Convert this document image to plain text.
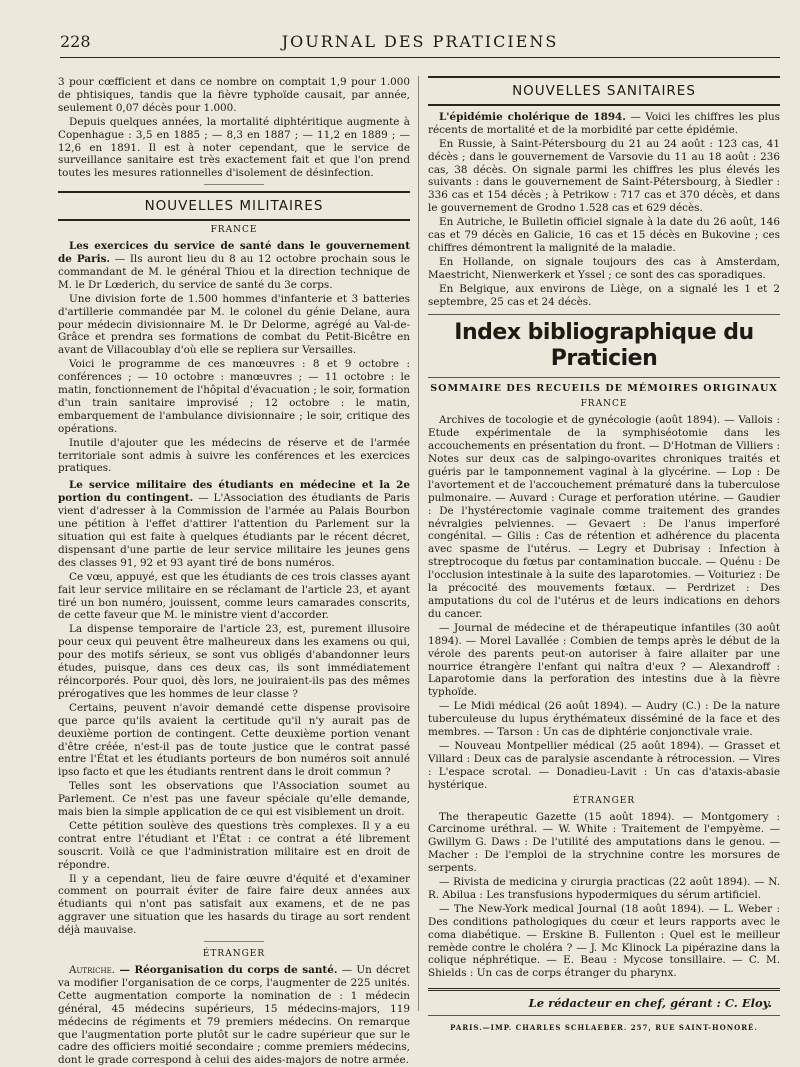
228	JOURNAL DES PRATICIENS

3 pour cœfficient et dans ce nombre on comptait 1,9 pour 1.000 de phtisiques, tandis que la fièvre typhoïde causait, par année, seulement 0,07 décès pour 1.000.

Depuis quelques années, la mortalité diphtéritique augmente à Copenhague : 3,5 en 1885 ; — 8,3 en 1887 ; — 11,2 en 1889 ; — 12,6 en 1891. Il est à noter cependant, que le service de surveillance sanitaire est très exactement fait et que l'on prend toutes les mesures rationnelles d'isolement de désinfection.

NOUVELLES MILITAIRES
FRANCE

Les exercices du service de santé dans le gouvernement de Paris. — Ils auront lieu du 8 au 12 octobre prochain sous le commandant de M. le général Thiou et la direction technique de M. le Dr Lœderich, du service de santé du 3e corps.

Une division forte de 1.500 hommes d'infanterie et 3 batteries d'artillerie commandée par M. le colonel du génie Delane, aura pour médecin divisionnaire M. le Dr Delorme, agrégé au Val-de-Grâce et prendra ses formations de combat du Petit-Bicêtre en avant de Villacoublay d'où elle se repliera sur Versailles.

Voici le programme de ces manœuvres : 8 et 9 octobre : conférences ; — 10 octobre : manœuvres ; — 11 octobre : le matin, fonctionnement de l'hôpital d'évacuation ; le soir, formation d'un train sanitaire improvisé ; 12 octobre : le matin, embarquement de l'ambulance divisionnaire ; le soir, critique des opérations.

Inutile d'ajouter que les médecins de réserve et de l'armée territoriale sont admis à suivre les conférences et les exercices pratiques.

Le service militaire des étudiants en médecine et la 2e portion du contingent. — L'Association des étudiants de Paris vient d'adresser à la Commission de l'armée au Palais Bourbon une pétition à l'effet d'attirer l'attention du Parlement sur la situation qui est faite à quelques étudiants par le récent décret, dispensant d'une partie de leur service militaire les jeunes gens des classes 91, 92 et 93 ayant tiré de bons numéros.

Ce vœu, appuyé, est que les étudiants de ces trois classes ayant fait leur service militaire en se réclamant de l'article 23, et ayant tiré un bon numéro, jouissent, comme leurs camarades conscrits, de cette faveur que M. le ministre vient d'accorder.

La dispense temporaire de l'article 23, est, purement illusoire pour ceux qui peuvent être malheureux dans les examens ou qui, pour des motifs sérieux, se sont vus obligés d'abandonner leurs études, puisque, dans ces deux cas, ils sont immédiatement réincorporés. Pour quoi, dès lors, ne jouiraient-ils pas des mêmes prérogatives que les hommes de leur classe ?

Certains, peuvent n'avoir demandé cette dispense provisoire que parce qu'ils avaient la certitude qu'il n'y aurait pas de deuxième portion de contingent. Cette deuxième portion venant d'être créée, n'est-il pas de toute justice que le contrat passé entre l'État et les étudiants porteurs de bon numéros soit annulé ipso facto et que les étudiants rentrent dans le droit commun ?

Telles sont les observations que l'Association soumet au Parlement. Ce n'est pas une faveur spéciale qu'elle demande, mais bien la simple application de ce qui est visiblement un droit.

Cette pétition soulève des questions très complexes. Il y a eu contrat entre l'étudiant et l'État : ce contrat a été librement souscrit. Voilà ce que l'administration militaire est en droit de répondre.

Il y a cependant, lieu de faire œuvre d'équité et d'examiner comment on pourrait éviter de faire faire deux années aux étudiants qui n'ont pas satisfait aux examens, et de ne pas aggraver une situation que les hasards du tirage au sort rendent déjà mauvaise.

ÉTRANGER

Autriche. — Réorganisation du corps de santé. — Un décret va modifier l'organisation de ce corps, l'augmenter de 225 unités. Cette augmentation comporte la nomination de : 1 médecin général, 45 médecins supérieurs, 15 médecins-majors, 119 médecins de régiments et 79 premiers médecins. On remarque que l'augmentation porte plutôt sur le cadre supérieur que sur le cadre des officiers moitié secondaire ; comme premiers médecins, dont le grade correspond à celui des aides-majors de notre armée.

NOUVELLES SANITAIRES

L'épidémie cholérique de 1894. — Voici les chiffres les plus récents de mortalité et de la morbidité par cette épidémie.

En Russie, à Saint-Pétersbourg du 21 au 24 août : 123 cas, 41 décès ; dans le gouvernement de Varsovie du 11 au 18 août : 236 cas, 38 décès. On signale parmi les chiffres les plus élevés les suivants : dans le gouvernement de Saint-Pétersbourg, à Siedler : 336 cas et 154 décès ; à Petrikow : 717 cas et 370 décès, et dans le gouvernement de Grodno 1.528 cas et 629 décès.

En Autriche, le Bulletin officiel signale à la date du 26 août, 146 cas et 79 décès en Galicie, 16 cas et 15 décès en Bukovine ; ces chiffres démontrent la malignité de la maladie.

En Hollande, on signale toujours des cas à Amsterdam, Maestricht, Nienwerkerk et Yssel ; ce sont des cas sporadiques.

En Belgique, aux environs de Liège, on a signalé les 1 et 2 septembre, 25 cas et 24 décès.

Index bibliographique du Praticien
SOMMAIRE DES RECUEILS DE MÉMOIRES ORIGINAUX
FRANCE

Archives de tocologie et de gynécologie (août 1894). — Vallois : Etude expérimentale de la symphiséotomie dans les accouchements en présentation du front. — D'Hotman de Villiers : Notes sur deux cas de salpingo-ovarites chroniques traités et guéris par le tamponnement vaginal à la glycérine. — Lop : De l'avortement et de l'accouchement prématuré dans la tuberculose pulmonaire. — Auvard : Curage et perforation utérine. — Gaudier : De l'hystérectomie vaginale comme traitement des grandes névralgies pelviennes. — Gevaert : De l'anus imperforé congénital. — Gilis : Cas de rétention et adhérence du placenta avec spasme de l'utérus. — Legry et Dubrisay : Infection à streptrocoque du fœtus par contamination buccale. — Quénu : De l'occlusion intestinale à la suite des laparotomies. — Voituriez : De la précocité des mouvements fœtaux. — Perdrizet : Des amputations du col de l'utérus et de leurs indications en dehors du cancer.

— Journal de médecine et de thérapeutique infantiles (30 août 1894). — Morel Lavallée : Combien de temps après le début de la vérole des parents peut-on autoriser à faire allaiter par une nourrice étrangère l'enfant qui naîtra d'eux ? — Alexandroff : Laparotomie dans la perforation des intestins due à la fièvre typhoïde.

— Le Midi médical (26 août 1894). — Audry (C.) : De la nature tuberculeuse du lupus érythémateux disséminé de la face et des membres. — Tarson : Un cas de diphtérie conjonctivale vraie.

— Nouveau Montpellier médical (25 août 1894). — Grasset et Villard : Deux cas de paralysie ascendante à rétrocession. — Vires : L'espace scrotal. — Donadieu-Lavit : Un cas d'ataxis-abasie hystérique.

ÉTRANGER

The therapeutic Gazette (15 août 1894). — Montgomery : Carcinome uréthral. — W. White : Traitement de l'empyème. — Gwillym G. Daws : De l'utilité des amputations dans le genou. — Macher : De l'emploi de la strychnine contre les morsures de serpents.

— Rivista de medicina y cirurgia practicas (22 août 1894). — N. R. Abilua : Les transfusions hypodermiques du sérum artificiel.

— The New-York medical Journal (18 août 1894). — L. Weber : Des conditions pathologiques du cœur et leurs rapports avec le coma diabétique. — Erskine B. Fullenton : Quel est le meilleur remède contre le choléra ? — J. Mc Klinock La pipérazine dans la colique néphrétique. — E. Beau : Mycose tonsillaire. — C. M. Shields : Un cas de corps étranger du pharynx.

Le rédacteur en chef, gérant : C. Eloy.
PARIS.—IMP. CHARLES SCHLAEBER. 257, RUE SAINT-HONORÉ.
